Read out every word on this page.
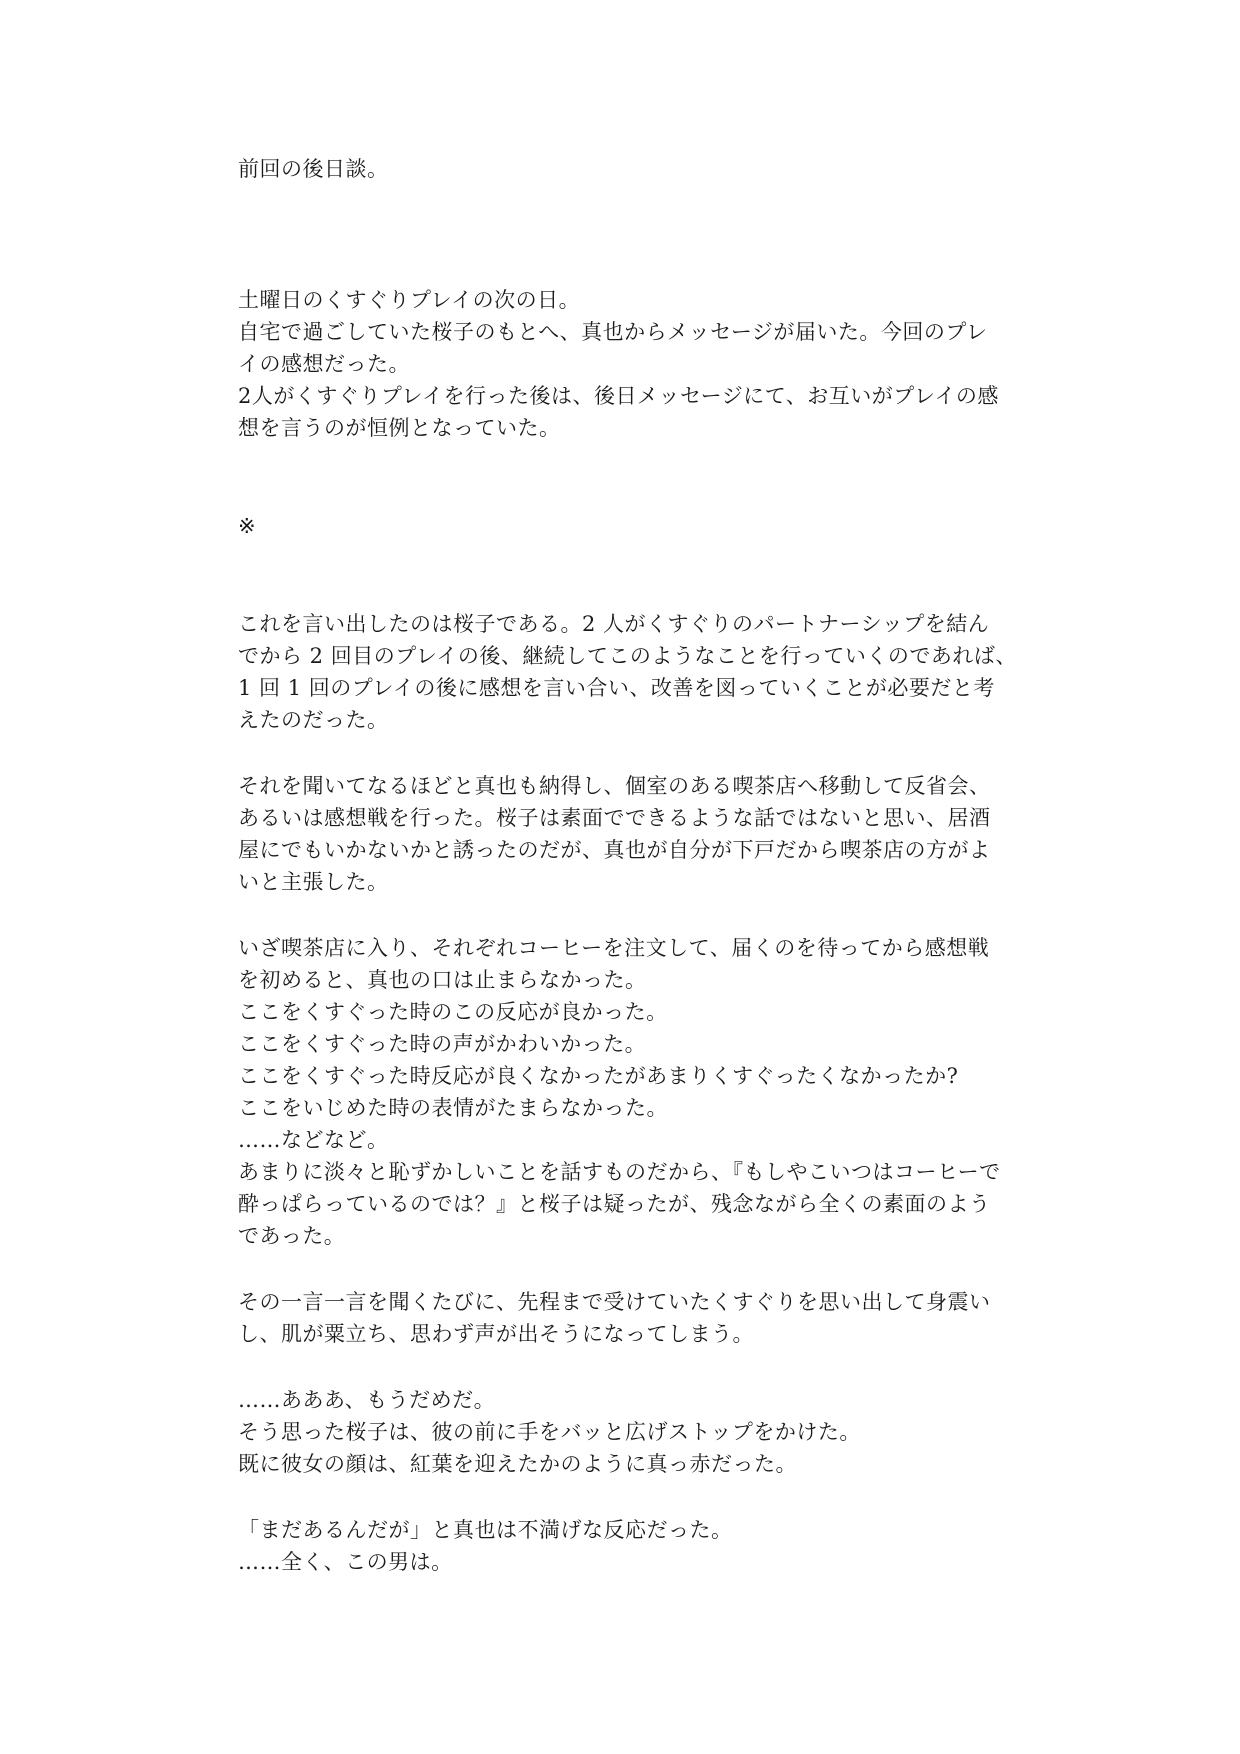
前回の後日談。
土曜日のくすぐりプレイの次の日。
自宅で過ごしていた桜子のもとへ、真也からメッセージが届いた。今回のプレ
イの感想だった。
2人がくすぐりプレイを行った後は、後日メッセージにて、お互いがプレイの感
想を言うのが恒例となっていた。
※
これを言い出したのは桜子である。2 人がくすぐりのパートナーシップを結ん
でから 2 回目のプレイの後、継続してこのようなことを行っていくのであれば、
1 回 1 回のプレイの後に感想を言い合い、改善を図っていくことが必要だと考
えたのだった。
それを聞いてなるほどと真也も納得し、個室のある喫茶店へ移動して反省会、
あるいは感想戦を行った。桜子は素面でできるような話ではないと思い、居酒
屋にでもいかないかと誘ったのだが、真也が自分が下戸だから喫茶店の方がよ
いと主張した。
いざ喫茶店に入り、それぞれコーヒーを注文して、届くのを待ってから感想戦
を初めると、真也の口は止まらなかった。
ここをくすぐった時のこの反応が良かった。
ここをくすぐった時の声がかわいかった。
ここをくすぐった時反応が良くなかったがあまりくすぐったくなかったか?
ここをいじめた時の表情がたまらなかった。
……などなど。
あまりに淡々と恥ずかしいことを話すものだから、『もしやこいつはコーヒーで
酔っぱらっているのでは？』と桜子は疑ったが、残念ながら全くの素面のよう
であった。
その一言一言を聞くたびに、先程まで受けていたくすぐりを思い出して身震い
し、肌が粟立ち、思わず声が出そうになってしまう。
……あああ、もうだめだ。
そう思った桜子は、彼の前に手をバッと広げストップをかけた。
既に彼女の顔は、紅葉を迎えたかのように真っ赤だった。
「まだあるんだが」と真也は不満げな反応だった。
……全く、この男は。
